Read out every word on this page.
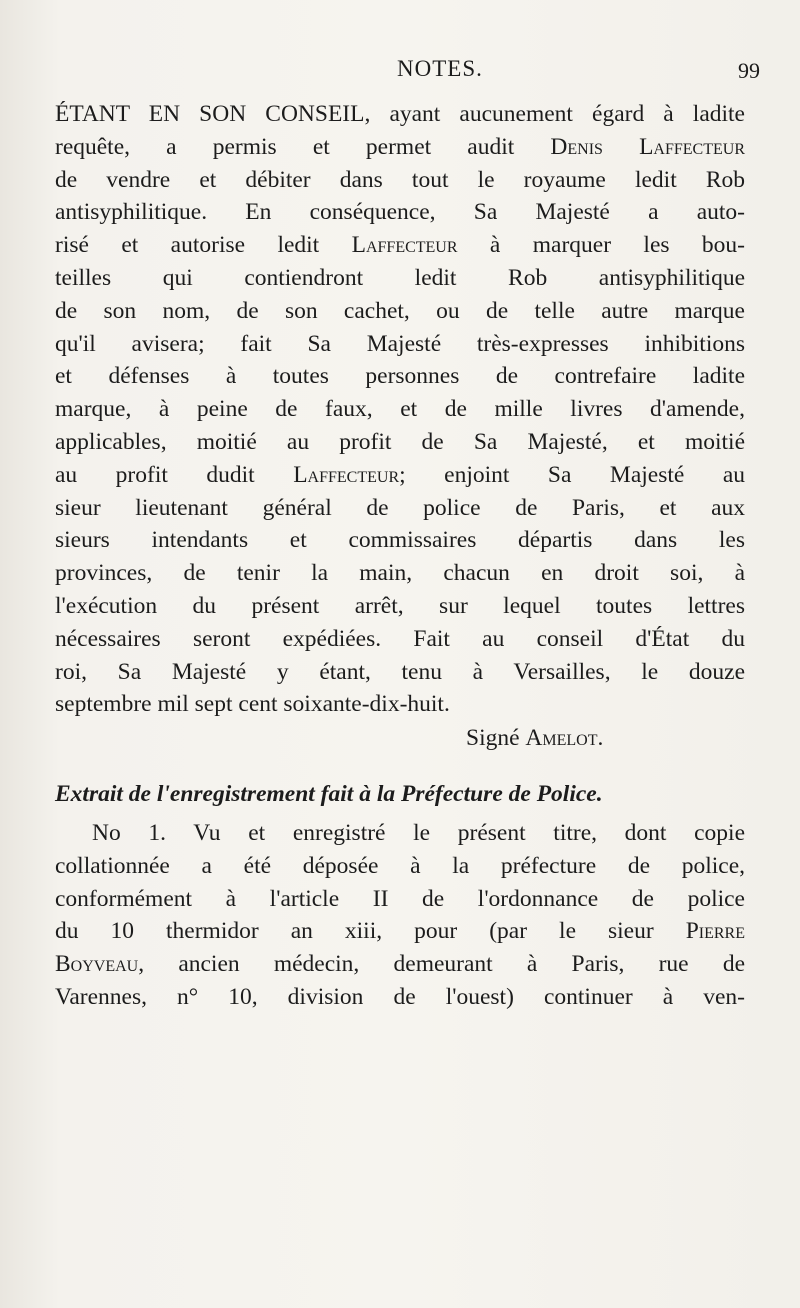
NOTES.	99
ÉTANT EN SON CONSEIL, ayant aucunement égard à ladite
requête, a permis et permet audit Denis Laffecteur
de vendre et débiter dans tout le royaume ledit Rob
antisyphilitique. En conséquence, Sa Majesté a auto-
risé et autorise ledit Laffecteur à marquer les bou-
teilles qui contiendront ledit Rob antisyphilitique
de son nom, de son cachet, ou de telle autre marque
qu'il avisera; fait Sa Majesté très-expresses inhibitions
et défenses à toutes personnes de contrefaire ladite
marque, à peine de faux, et de mille livres d'amende,
applicables, moitié au profit de Sa Majesté, et moitié
au profit dudit Laffecteur; enjoint Sa Majesté au
sieur lieutenant général de police de Paris, et aux
sieurs intendants et commissaires départis dans les
provinces, de tenir la main, chacun en droit soi, à
l'exécution du présent arrêt, sur lequel toutes lettres
nécessaires seront expédiées. Fait au conseil d'État du
roi, Sa Majesté y étant, tenu à Versailles, le douze
septembre mil sept cent soixante-dix-huit.
Signé Amelot.
Extrait de l'enregistrement fait à la Préfecture de Police.
No 1. Vu et enregistré le présent titre, dont copie
collationnée a été déposée à la préfecture de police,
conformément à l'article II de l'ordonnance de police
du 10 thermidor an xiii, pour (par le sieur Pierre
Boyveau, ancien médecin, demeurant à Paris, rue de
Varennes, n° 10, division de l'ouest) continuer à ven-
